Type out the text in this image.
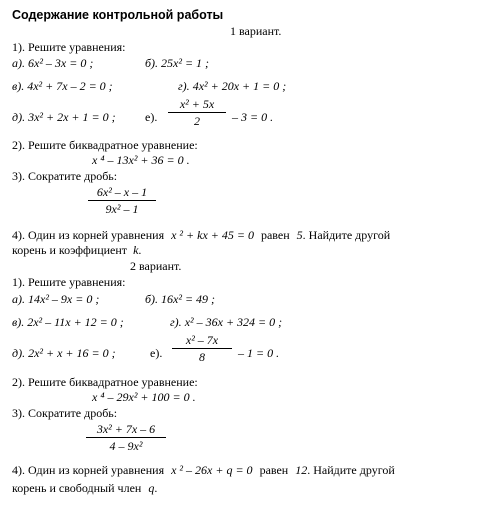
Содержание контрольной работы
1 вариант.
1). Решите уравнения:
а). 6x² – 3x = 0 ;	б). 25x² = 1 ;
в). 4x² + 7x – 2 = 0 ;	г). 4x² + 20x + 1 = 0 ;
д). 3x² + 2x + 1 = 0 ; е).
x² + 5x
2	– 3 = 0 .
2). Решите биквадратное уравнение:
x ⁴ – 13x² + 36 = 0 .
3). Сократите дробь:
6x² – x – 1
9x² – 1
4). Один из корней уравнения x ² + kx + 45 = 0 равен 5. Найдите другой
корень и коэффициент k.
2 вариант.
1). Решите уравнения:
а). 14x² – 9x = 0 ;	б). 16x² = 49 ;
в). 2x² – 11x + 12 = 0 ;	г). x² – 36x + 324 = 0 ;
д). 2x² + x + 16 = 0 ;	е).
x² – 7x
8	– 1 = 0 .
2). Решите биквадратное уравнение:
x ⁴ – 29x² + 100 = 0 .
3). Сократите дробь:
3x² + 7x – 6
4 – 9x²
4). Один из корней уравнения x ² – 26x + q = 0 равен 12. Найдите другой
корень и свободный член q.
